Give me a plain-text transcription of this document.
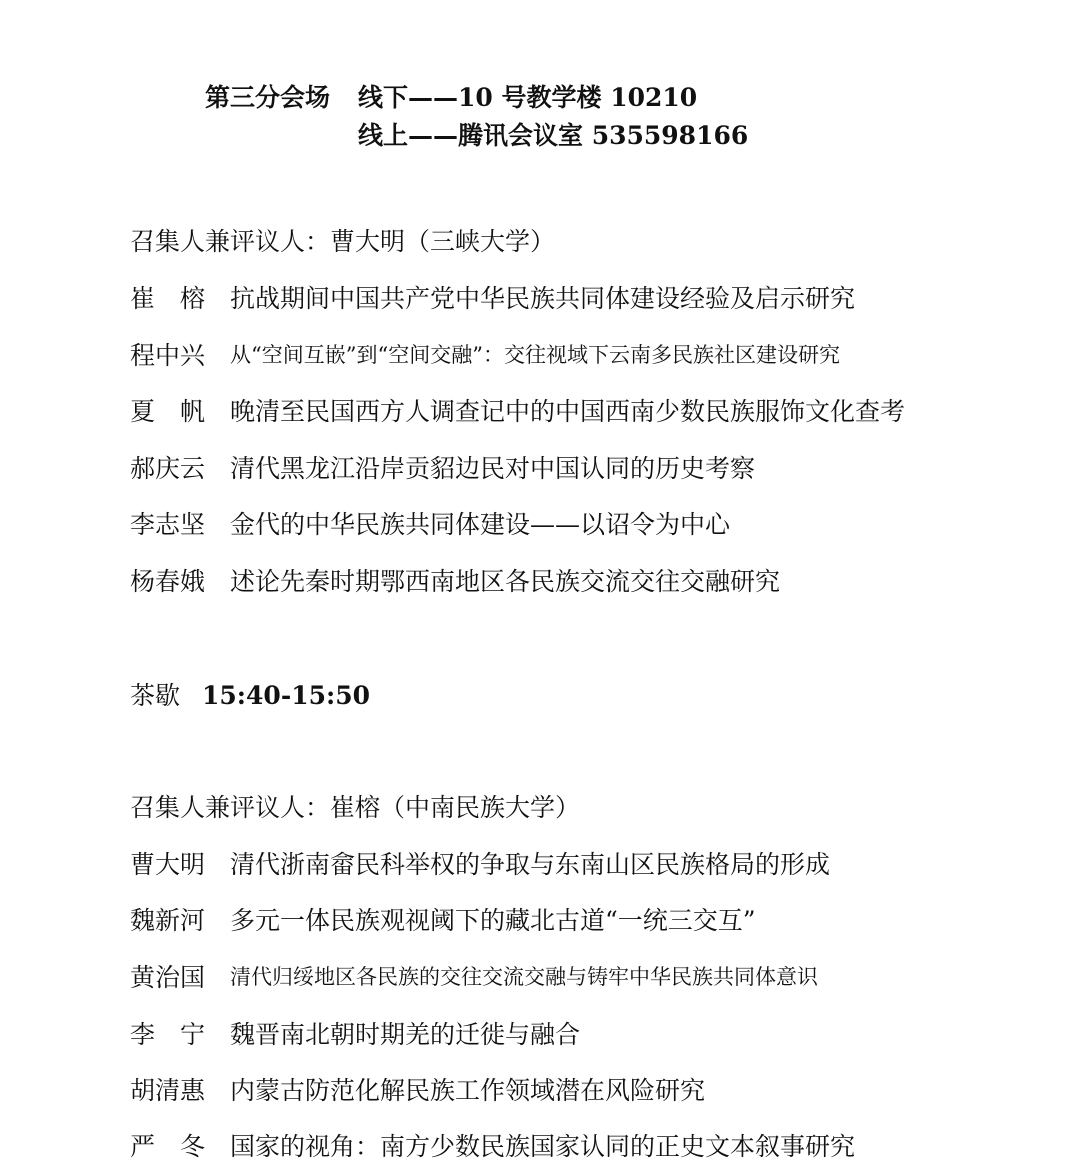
第三分会场 线下——10 号教学楼 10210
线上——腾讯会议室 535598166
召集人兼评议人：曹大明（三峡大学）
崔　榕 抗战期间中国共产党中华民族共同体建设经验及启示研究
程中兴 从“空间互嵌”到“空间交融”：交往视域下云南多民族社区建设研究
夏　帆 晚清至民国西方人调查记中的中国西南少数民族服饰文化查考
郝庆云 清代黑龙江沿岸贡貂边民对中国认同的历史考察
李志坚 金代的中华民族共同体建设——以诏令为中心
杨春娥 述论先秦时期鄂西南地区各民族交流交往交融研究
茶歇 15:40-15:50
召集人兼评议人：崔榕（中南民族大学）
曹大明 清代浙南畲民科举权的争取与东南山区民族格局的形成
魏新河 多元一体民族观视阈下的藏北古道“一统三交互”
黄治国 清代归绥地区各民族的交往交流交融与铸牢中华民族共同体意识
李　宁 魏晋南北朝时期羌的迁徙与融合
胡清惠 内蒙古防范化解民族工作领域潜在风险研究
严　冬 国家的视角：南方少数民族国家认同的正史文本叙事研究
